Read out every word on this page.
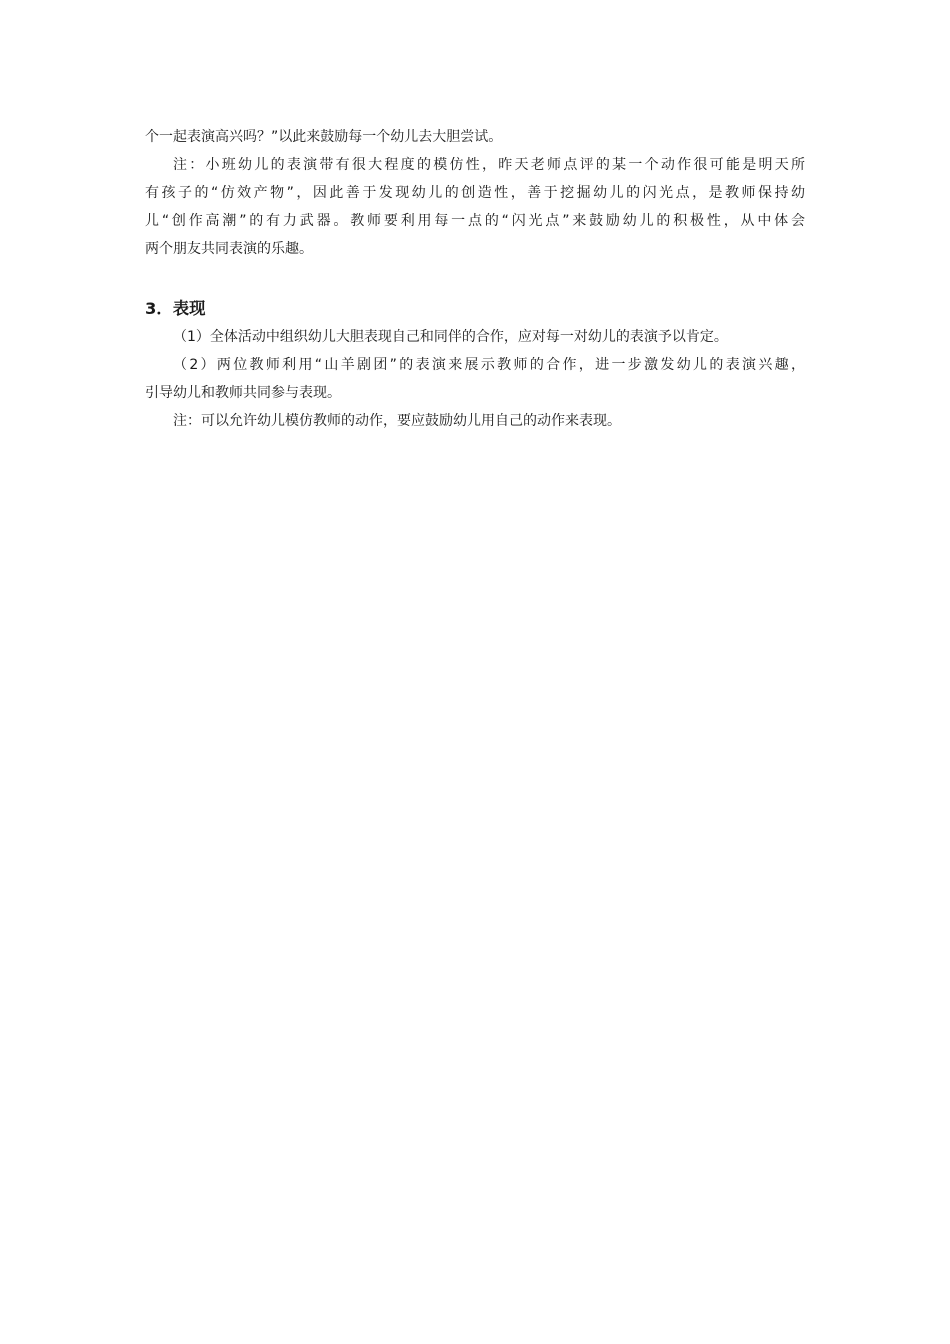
个一起表演高兴吗？”以此来鼓励每一个幼儿去大胆尝试。

注：小班幼儿的表演带有很大程度的模仿性，昨天老师点评的某一个动作很可能是明天所

有孩子的“仿效产物”，因此善于发现幼儿的创造性，善于挖掘幼儿的闪光点，是教师保持幼

儿“创作高潮”的有力武器。教师要利用每一点的“闪光点”来鼓励幼儿的积极性，从中体会

两个朋友共同表演的乐趣。

3．表现

（1）全体活动中组织幼儿大胆表现自己和同伴的合作，应对每一对幼儿的表演予以肯定。

（2）两位教师利用“山羊剧团”的表演来展示教师的合作，进一步激发幼儿的表演兴趣，

引导幼儿和教师共同参与表现。

注：可以允许幼儿模仿教师的动作，要应鼓励幼儿用自己的动作来表现。
